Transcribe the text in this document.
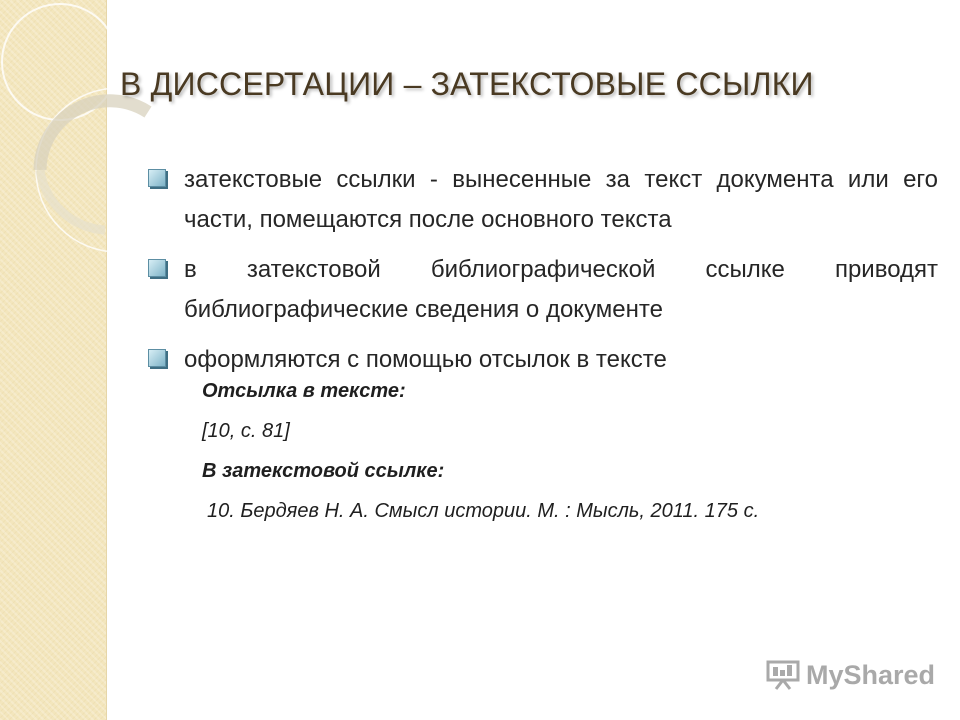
В ДИССЕРТАЦИИ – ЗАТЕКСТОВЫЕ ССЫЛКИ
затекстовые ссылки - вынесенные за текст документа или его части, помещаются после основного текста
в затекстовой библиографической ссылке приводят библиографические сведения о документе
оформляются с помощью отсылок в тексте

Отсылка в тексте:

[10, с. 81]

В затекстовой ссылке:

10. Бердяев Н. А. Смысл истории. М. : Мысль, 2011. 175 с.

MyShared
